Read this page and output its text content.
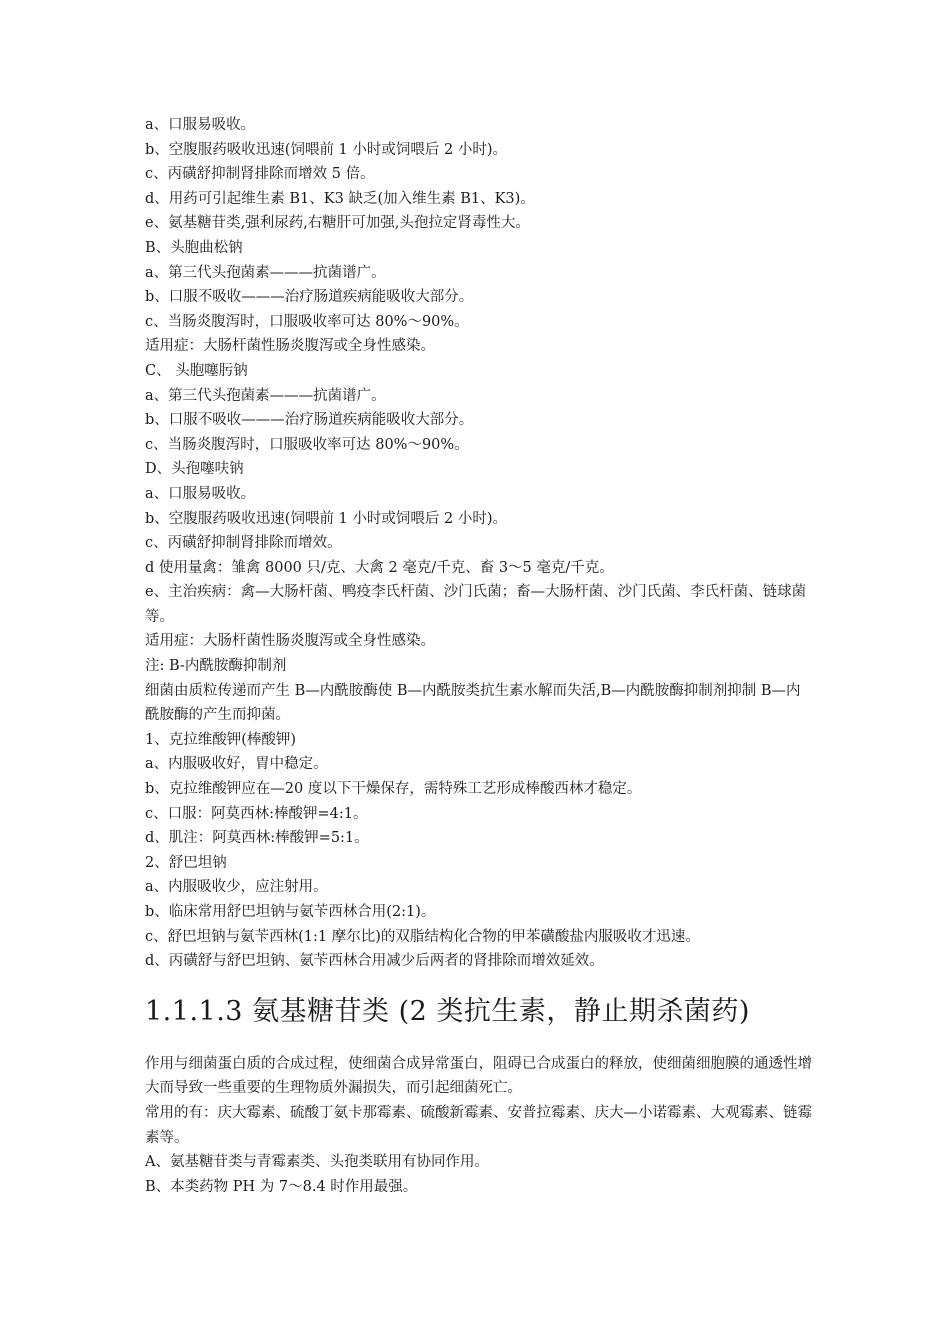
a、口服易吸收。

b、空腹服药吸收迅速(饲喂前 1 小时或饲喂后 2 小时)。

c、丙磺舒抑制肾排除而增效 5 倍。

d、用药可引起维生素 B1、K3 缺乏(加入维生素 B1、K3)。

e、氨基糖苷类,强利尿药,右糖肝可加强,头孢拉定肾毒性大。

B、头胞曲松钠

a、第三代头孢菌素———抗菌谱广。

b、口服不吸收———治疗肠道疾病能吸收大部分。

c、当肠炎腹泻时，口服吸收率可达 80%～90%。

适用症：大肠杆菌性肠炎腹泻或全身性感染。

C、 头胞噻肟钠

a、第三代头孢菌素———抗菌谱广。

b、口服不吸收———治疗肠道疾病能吸收大部分。

c、当肠炎腹泻时，口服吸收率可达 80%～90%。

D、头孢噻呋钠

a、口服易吸收。

b、空腹服药吸收迅速(饲喂前 1 小时或饲喂后 2 小时)。

c、丙磺舒抑制肾排除而增效。

d 使用量禽：雏禽 8000 只/克、大禽 2 毫克/千克、畜 3～5 毫克/千克。

e、主治疾病：禽—大肠杆菌、鸭疫李氏杆菌、沙门氏菌；畜—大肠杆菌、沙门氏菌、李氏杆菌、链球菌等。

适用症：大肠杆菌性肠炎腹泻或全身性感染。

注: B-内酰胺酶抑制剂

细菌由质粒传递而产生 B—内酰胺酶使 B—内酰胺类抗生素水解而失活,B—内酰胺酶抑制剂抑制 B—内酰胺酶的产生而抑菌。

1、克拉维酸钾(棒酸钾)

a、内服吸收好，胃中稳定。

b、克拉维酸钾应在—20 度以下干燥保存，需特殊工艺形成棒酸西林才稳定。

c、口服：阿莫西林:棒酸钾=4:1。

d、肌注：阿莫西林:棒酸钾=5:1。

2、舒巴坦钠

a、内服吸收少，应注射用。

b、临床常用舒巴坦钠与氨苄西林合用(2:1)。

c、舒巴坦钠与氨苄西林(1:1 摩尔比)的双脂结构化合物的甲苯磺酸盐内服吸收才迅速。

d、丙磺舒与舒巴坦钠、氨苄西林合用减少后两者的肾排除而增效延效。

1.1.1.3 氨基糖苷类 (2 类抗生素，静止期杀菌药)

作用与细菌蛋白质的合成过程，使细菌合成异常蛋白，阻碍已合成蛋白的释放，使细菌细胞膜的通透性增大而导致一些重要的生理物质外漏损失，而引起细菌死亡。

常用的有：庆大霉素、硫酸丁氨卡那霉素、硫酸新霉素、安普拉霉素、庆大—小诺霉素、大观霉素、链霉素等。

A、氨基糖苷类与青霉素类、头孢类联用有协同作用。

B、本类药物 PH 为 7～8.4 时作用最强。
